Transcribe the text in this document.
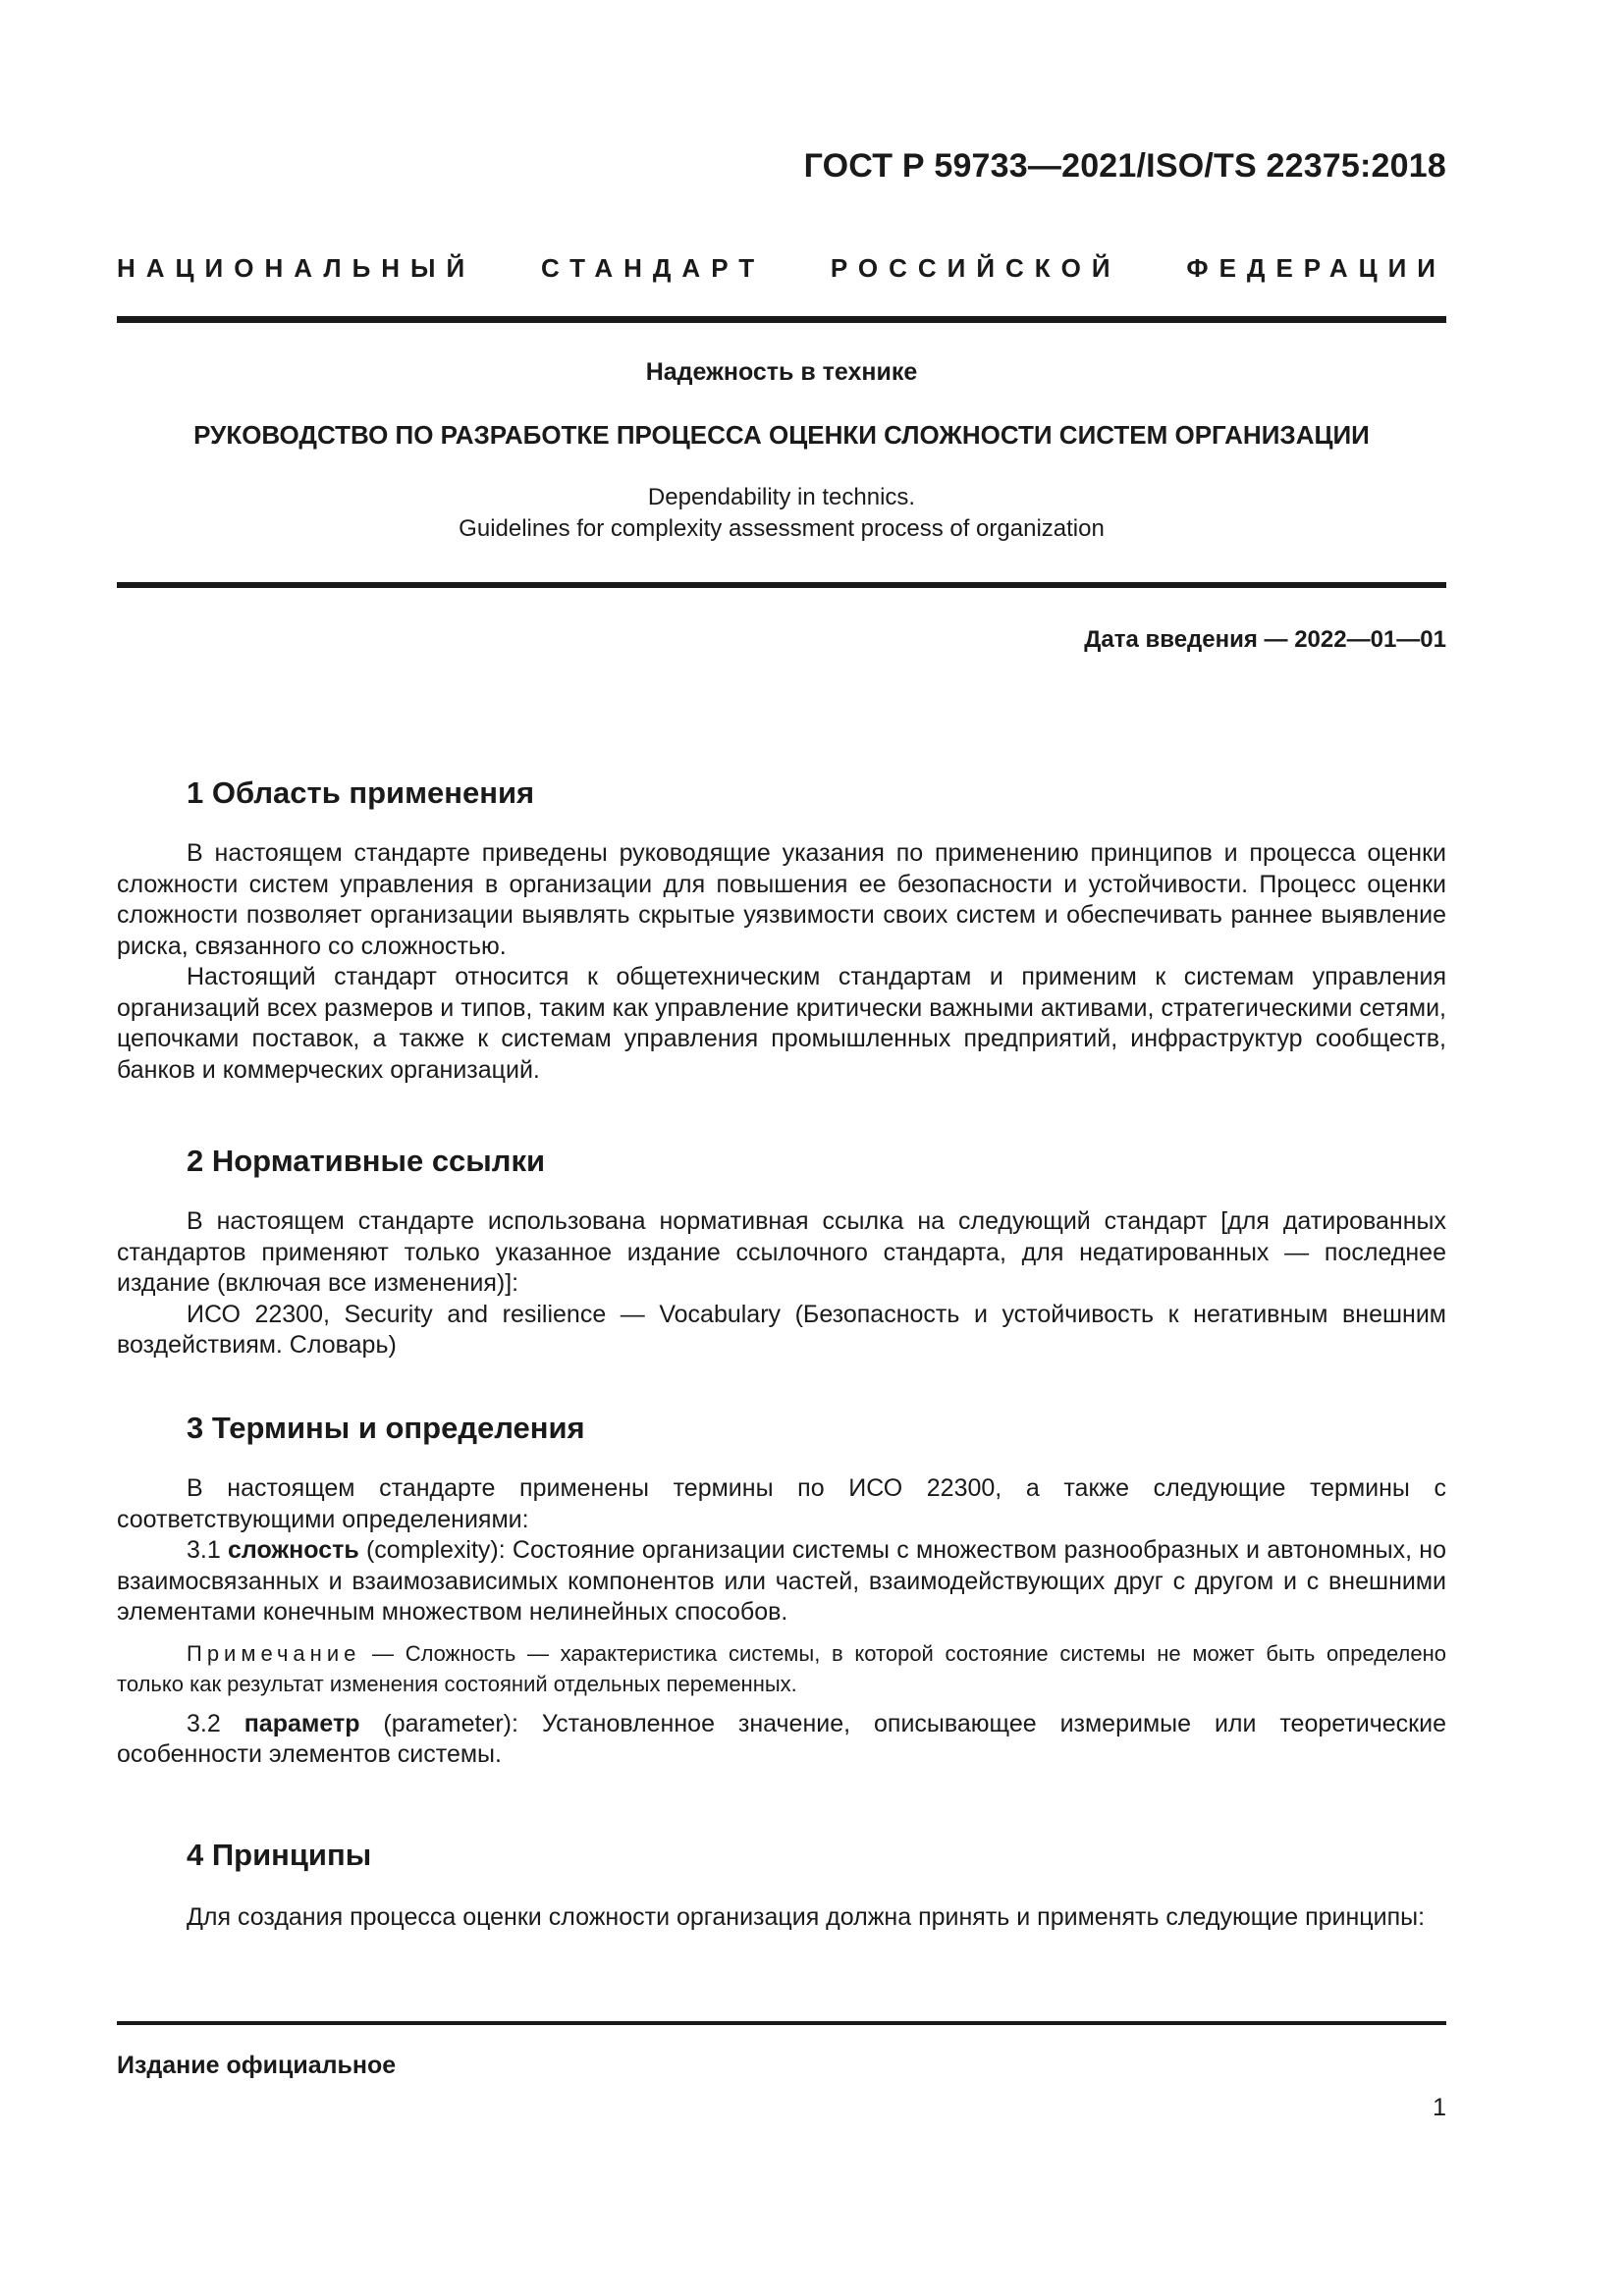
ГОСТ Р 59733—2021/ISO/TS 22375:2018
НАЦИОНАЛЬНЫЙ СТАНДАРТ РОССИЙСКОЙ ФЕДЕРАЦИИ
Надежность в технике
РУКОВОДСТВО ПО РАЗРАБОТКЕ ПРОЦЕССА ОЦЕНКИ СЛОЖНОСТИ СИСТЕМ ОРГАНИЗАЦИИ
Dependability in technics.
Guidelines for complexity assessment process of organization
Дата введения — 2022—01—01
1 Область применения

В настоящем стандарте приведены руководящие указания по применению принципов и процесса оценки сложности систем управления в организации для повышения ее безопасности и устойчивости. Процесс оценки сложности позволяет организации выявлять скрытые уязвимости своих систем и обеспечивать раннее выявление риска, связанного со сложностью.

Настоящий стандарт относится к общетехническим стандартам и применим к системам управления организаций всех размеров и типов, таким как управление критически важными активами, стратегическими сетями, цепочками поставок, а также к системам управления промышленных предприятий, инфраструктур сообществ, банков и коммерческих организаций.

2 Нормативные ссылки

В настоящем стандарте использована нормативная ссылка на следующий стандарт [для датированных стандартов применяют только указанное издание ссылочного стандарта, для недатированных — последнее издание (включая все изменения)]:

ИСО 22300, Security and resilience — Vocabulary (Безопасность и устойчивость к негативным внешним воздействиям. Словарь)

3 Термины и определения

В настоящем стандарте применены термины по ИСО 22300, а также следующие термины с соответствующими определениями:

3.1 сложность (complexity): Состояние организации системы с множеством разнообразных и автономных, но взаимосвязанных и взаимозависимых компонентов или частей, взаимодействующих друг с другом и с внешними элементами конечным множеством нелинейных способов.

Примечание — Сложность — характеристика системы, в которой состояние системы не может быть определено только как результат изменения состояний отдельных переменных.

3.2 параметр (parameter): Установленное значение, описывающее измеримые или теоретические особенности элементов системы.

4 Принципы

Для создания процесса оценки сложности организация должна принять и применять следующие принципы:

Издание официальное
1
